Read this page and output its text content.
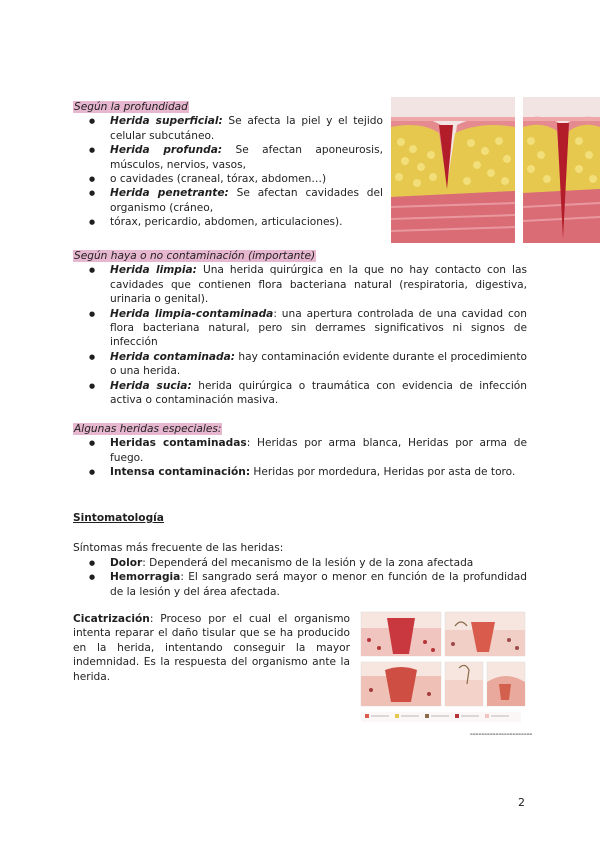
Según la profundidad

● Herida superficial: Se afecta la piel y el tejido celular subcutáneo.
● Herida profunda: Se afectan aponeurosis, músculos, nervios, vasos,
● o cavidades (craneal, tórax, abdomen…)
● Herida penetrante: Se afectan cavidades del organismo (cráneo,
● tórax, pericardio, abdomen, articulaciones).

Según haya o no contaminación (importante)

● Herida limpia: Una herida quirúrgica en la que no hay contacto con las cavidades que contienen flora bacteriana natural (respiratoria, digestiva, urinaria o genital).
● Herida limpia-contaminada: una apertura controlada de una cavidad con flora bacteriana natural, pero sin derrames significativos ni signos de infección
● Herida contaminada: hay contaminación evidente durante el procedimiento o una herida.
● Herida sucia: herida quirúrgica o traumática con evidencia de infección activa o contaminación masiva.

Algunas heridas especiales:

● Heridas contaminadas: Heridas por arma blanca, Heridas por arma de fuego.
● Intensa contaminación: Heridas por mordedura, Heridas por asta de toro.

Sintomatología

Síntomas más frecuente de las heridas:

● Dolor: Dependerá del mecanismo de la lesión y de la zona afectada
● Hemorragia: El sangrado será mayor o menor en función de la profundidad de la lesión y del área afectada.

Cicatrización: Proceso por el cual el organismo intenta reparar el daño tisular que se ha producido en la herida, intentando conseguir la mayor indemnidad. Es la respuesta del organismo ante la herida.

▬▬▬▬▬▬▬▬▬▬▬▬▬▬▬▬▬▬▬▬▬▬
2
